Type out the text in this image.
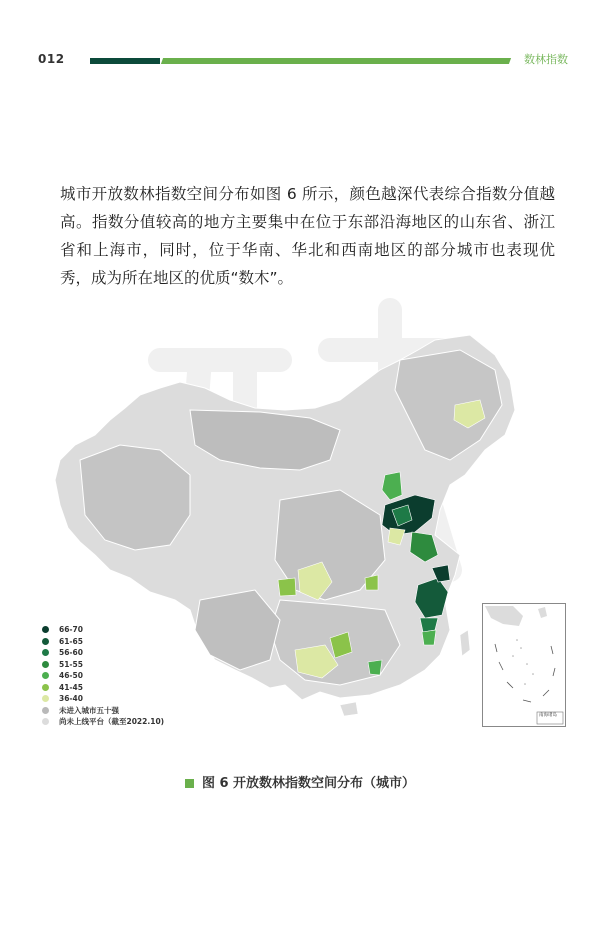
012	数林指数
城市开放数林指数空间分布如图 6 所示，颜色越深代表综合指数分值越高。指数分值较高的地方主要集中在位于东部沿海地区的山东省、浙江省和上海市，同时，位于华南、华北和西南地区的部分城市也表现优秀，成为所在地区的优质“数木”。
66-70
61-65
56-60
51-55
46-50
41-45
36-40
未进入城市五十强
尚未上线平台（截至2022.10)
南海诸岛
图 6 开放数林指数空间分布（城市）
